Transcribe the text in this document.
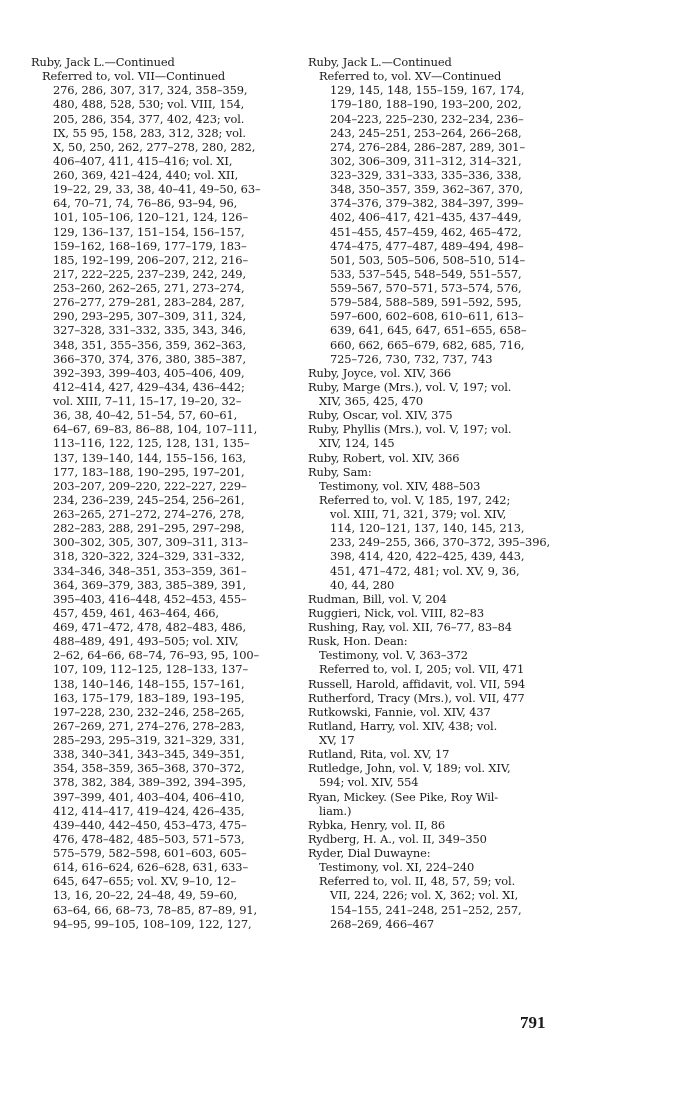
Ruby, Jack L.—Continued
Referred to, vol. VII—Continued
276, 286, 307, 317, 324, 358–359,
480, 488, 528, 530; vol. VIII, 154,
205, 286, 354, 377, 402, 423; vol.
IX, 55 95, 158, 283, 312, 328; vol.
X, 50, 250, 262, 277–278, 280, 282,
406–407, 411, 415–416; vol. XI,
260, 369, 421–424, 440; vol. XII,
19–22, 29, 33, 38, 40–41, 49–50, 63–
64, 70–71, 74, 76–86, 93–94, 96,
101, 105–106, 120–121, 124, 126–
129, 136–137, 151–154, 156–157,
159–162, 168–169, 177–179, 183–
185, 192–199, 206–207, 212, 216–
217, 222–225, 237–239, 242, 249,
253–260, 262–265, 271, 273–274,
276–277, 279–281, 283–284, 287,
290, 293–295, 307–309, 311, 324,
327–328, 331–332, 335, 343, 346,
348, 351, 355–356, 359, 362–363,
366–370, 374, 376, 380, 385–387,
392–393, 399–403, 405–406, 409,
412–414, 427, 429–434, 436–442;
vol. XIII, 7–11, 15–17, 19–20, 32–
36, 38, 40–42, 51–54, 57, 60–61,
64–67, 69–83, 86–88, 104, 107–111,
113–116, 122, 125, 128, 131, 135–
137, 139–140, 144, 155–156, 163,
177, 183–188, 190–295, 197–201,
203–207, 209–220, 222–227, 229–
234, 236–239, 245–254, 256–261,
263–265, 271–272, 274–276, 278,
282–283, 288, 291–295, 297–298,
300–302, 305, 307, 309–311, 313–
318, 320–322, 324–329, 331–332,
334–346, 348–351, 353–359, 361–
364, 369–379, 383, 385–389, 391,
395–403, 416–448, 452–453, 455–
457, 459, 461, 463–464, 466,
469, 471–472, 478, 482–483, 486,
488–489, 491, 493–505; vol. XIV,
2–62, 64–66, 68–74, 76–93, 95, 100–
107, 109, 112–125, 128–133, 137–
138, 140–146, 148–155, 157–161,
163, 175–179, 183–189, 193–195,
197–228, 230, 232–246, 258–265,
267–269, 271, 274–276, 278–283,
285–293, 295–319, 321–329, 331,
338, 340–341, 343–345, 349–351,
354, 358–359, 365–368, 370–372,
378, 382, 384, 389–392, 394–395,
397–399, 401, 403–404, 406–410,
412, 414–417, 419–424, 426–435,
439–440, 442–450, 453–473, 475–
476, 478–482, 485–503, 571–573,
575–579, 582–598, 601–603, 605–
614, 616–624, 626–628, 631, 633–
645, 647–655; vol. XV, 9–10, 12–
13, 16, 20–22, 24–48, 49, 59–60,
63–64, 66, 68–73, 78–85, 87–89, 91,
94–95, 99–105, 108–109, 122, 127,
Ruby, Jack L.—Continued
Referred to, vol. XV—Continued
129, 145, 148, 155–159, 167, 174,
179–180, 188–190, 193–200, 202,
204–223, 225–230, 232–234, 236–
243, 245–251, 253–264, 266–268,
274, 276–284, 286–287, 289, 301–
302, 306–309, 311–312, 314–321,
323–329, 331–333, 335–336, 338,
348, 350–357, 359, 362–367, 370,
374–376, 379–382, 384–397, 399–
402, 406–417, 421–435, 437–449,
451–455, 457–459, 462, 465–472,
474–475, 477–487, 489–494, 498–
501, 503, 505–506, 508–510, 514–
533, 537–545, 548–549, 551–557,
559–567, 570–571, 573–574, 576,
579–584, 588–589, 591–592, 595,
597–600, 602–608, 610–611, 613–
639, 641, 645, 647, 651–655, 658–
660, 662, 665–679, 682, 685, 716,
725–726, 730, 732, 737, 743
Ruby, Joyce, vol. XIV, 366
Ruby, Marge (Mrs.), vol. V, 197; vol.
XIV, 365, 425, 470
Ruby, Oscar, vol. XIV, 375
Ruby, Phyllis (Mrs.), vol. V, 197; vol.
XIV, 124, 145
Ruby, Robert, vol. XIV, 366
Ruby, Sam:
Testimony, vol. XIV, 488–503
Referred to, vol. V, 185, 197, 242;
vol. XIII, 71, 321, 379; vol. XIV,
114, 120–121, 137, 140, 145, 213,
233, 249–255, 366, 370–372, 395–396,
398, 414, 420, 422–425, 439, 443,
451, 471–472, 481; vol. XV, 9, 36,
40, 44, 280
Rudman, Bill, vol. V, 204
Ruggieri, Nick, vol. VIII, 82–83
Rushing, Ray, vol. XII, 76–77, 83–84
Rusk, Hon. Dean:
Testimony, vol. V, 363–372
Referred to, vol. I, 205; vol. VII, 471
Russell, Harold, affidavit, vol. VII, 594
Rutherford, Tracy (Mrs.), vol. VII, 477
Rutkowski, Fannie, vol. XIV, 437
Rutland, Harry, vol. XIV, 438; vol.
XV, 17
Rutland, Rita, vol. XV, 17
Rutledge, John, vol. V, 189; vol. XIV,
594; vol. XIV, 554
Ryan, Mickey. (See Pike, Roy Wil-
liam.)
Rybka, Henry, vol. II, 86
Rydberg, H. A., vol. II, 349–350
Ryder, Dial Duwayne:
Testimony, vol. XI, 224–240
Referred to, vol. II, 48, 57, 59; vol.
VII, 224, 226; vol. X, 362; vol. XI,
154–155, 241–248, 251–252, 257,
268–269, 466–467
791
